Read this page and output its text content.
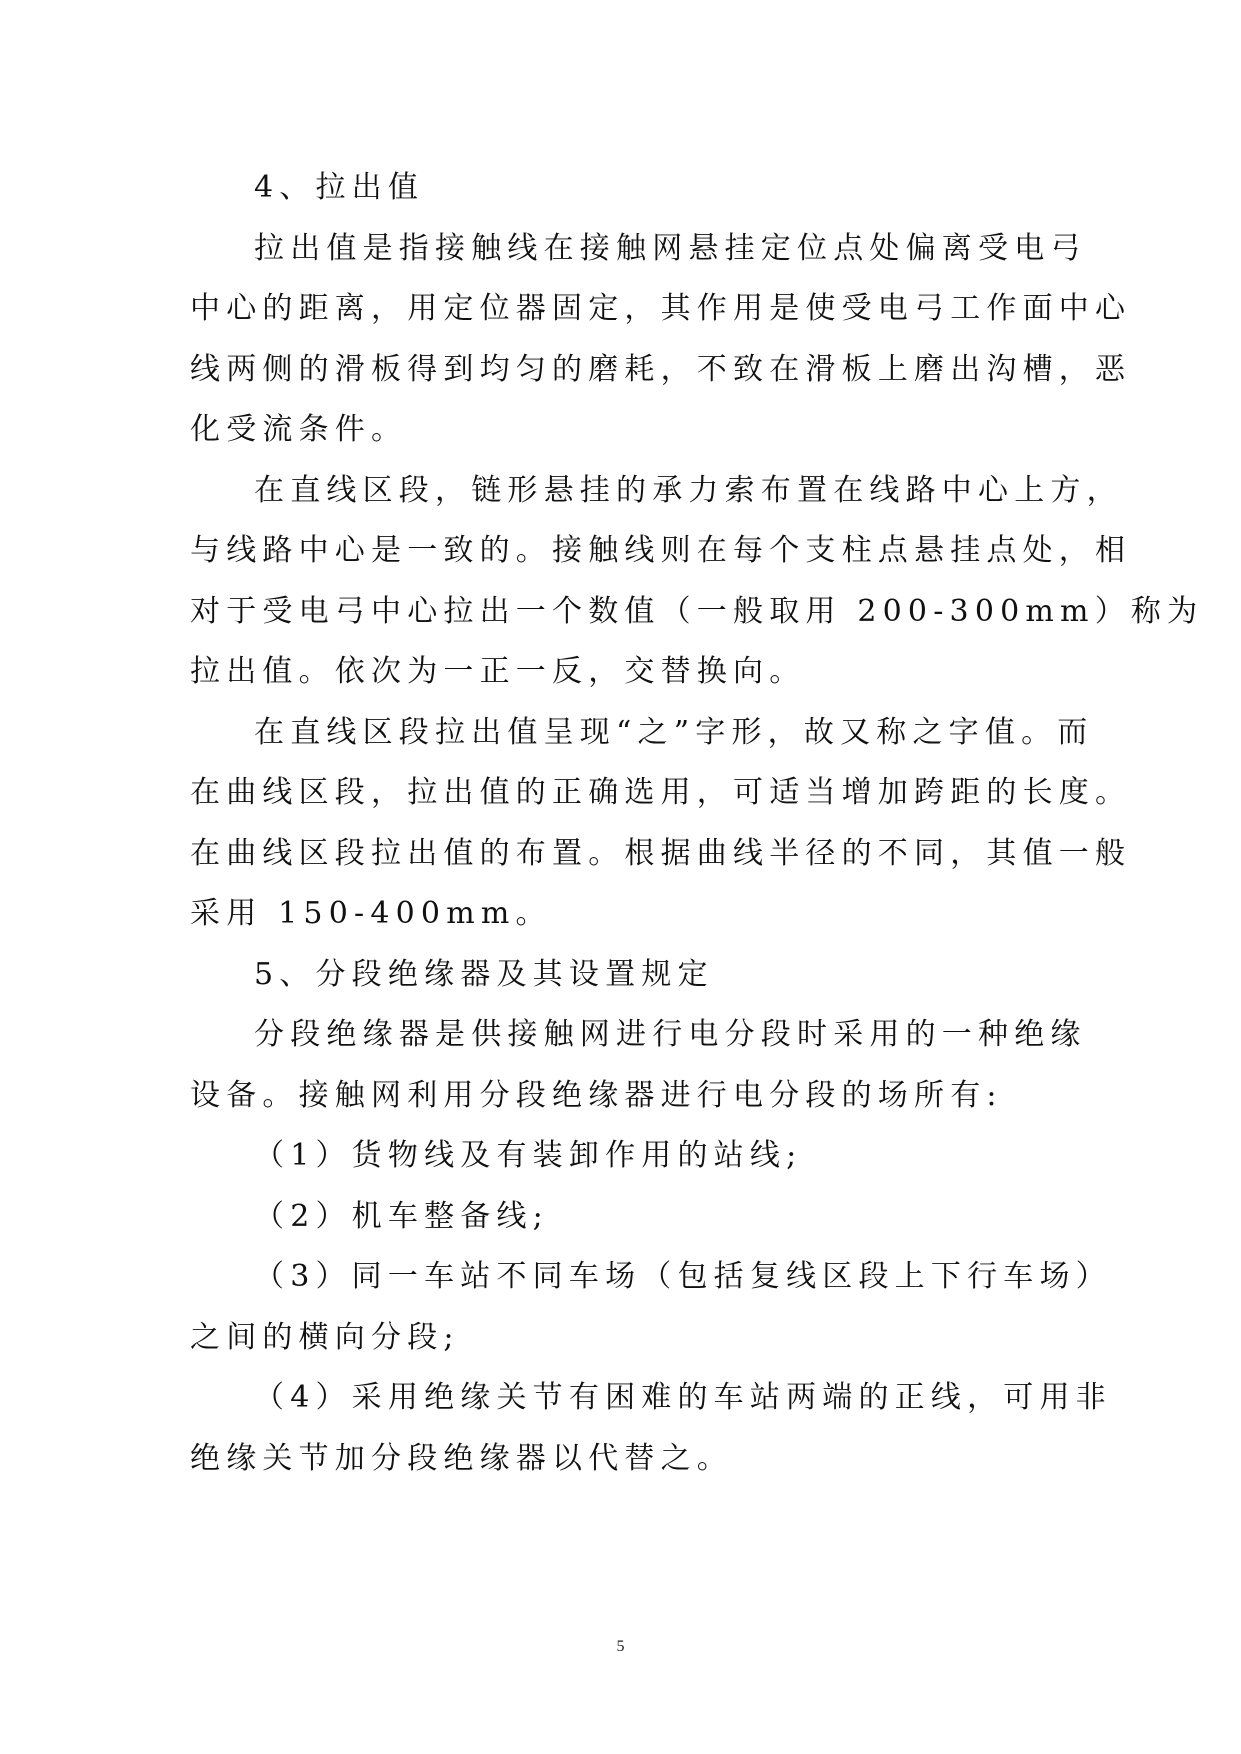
4、拉出值
拉出值是指接触线在接触网悬挂定位点处偏离受电弓
中心的距离，用定位器固定，其作用是使受电弓工作面中心
线两侧的滑板得到均匀的磨耗，不致在滑板上磨出沟槽，恶
化受流条件。
在直线区段，链形悬挂的承力索布置在线路中心上方，
与线路中心是一致的。接触线则在每个支柱点悬挂点处，相
对于受电弓中心拉出一个数值（一般取用 200-300mm）称为
拉出值。依次为一正一反，交替换向。
在直线区段拉出值呈现“之”字形，故又称之字值。而
在曲线区段，拉出值的正确选用，可适当增加跨距的长度。
在曲线区段拉出值的布置。根据曲线半径的不同，其值一般
采用 150-400mm。
5、分段绝缘器及其设置规定
分段绝缘器是供接触网进行电分段时采用的一种绝缘
设备。接触网利用分段绝缘器进行电分段的场所有:
（1）货物线及有装卸作用的站线;
（2）机车整备线;
（3）同一车站不同车场（包括复线区段上下行车场）
之间的横向分段;
（4）采用绝缘关节有困难的车站两端的正线，可用非
绝缘关节加分段绝缘器以代替之。
5
